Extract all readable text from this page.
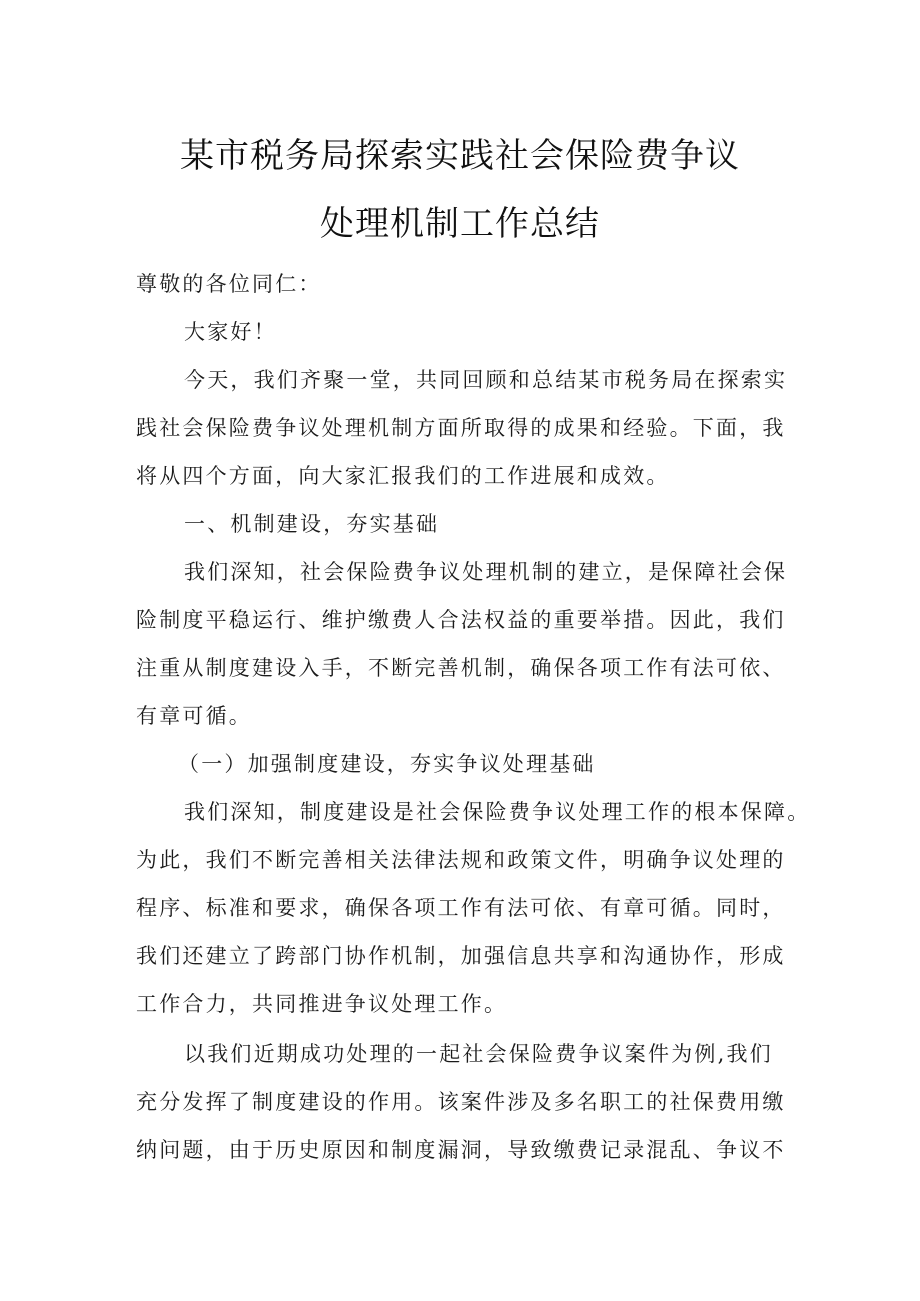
某市税务局探索实践社会保险费争议
处理机制工作总结
尊敬的各位同仁：
大家好！
今天，我们齐聚一堂，共同回顾和总结某市税务局在探索实
践社会保险费争议处理机制方面所取得的成果和经验。下面，我
将从四个方面，向大家汇报我们的工作进展和成效。
一、机制建设，夯实基础
我们深知，社会保险费争议处理机制的建立，是保障社会保
险制度平稳运行、维护缴费人合法权益的重要举措。因此，我们
注重从制度建设入手，不断完善机制，确保各项工作有法可依、
有章可循。
（一）加强制度建设，夯实争议处理基础
我们深知，制度建设是社会保险费争议处理工作的根本保障。
为此，我们不断完善相关法律法规和政策文件，明确争议处理的
程序、标准和要求，确保各项工作有法可依、有章可循。同时，
我们还建立了跨部门协作机制，加强信息共享和沟通协作，形成
工作合力，共同推进争议处理工作。
以我们近期成功处理的一起社会保险费争议案件为例,我们
充分发挥了制度建设的作用。该案件涉及多名职工的社保费用缴
纳问题，由于历史原因和制度漏洞，导致缴费记录混乱、争议不
